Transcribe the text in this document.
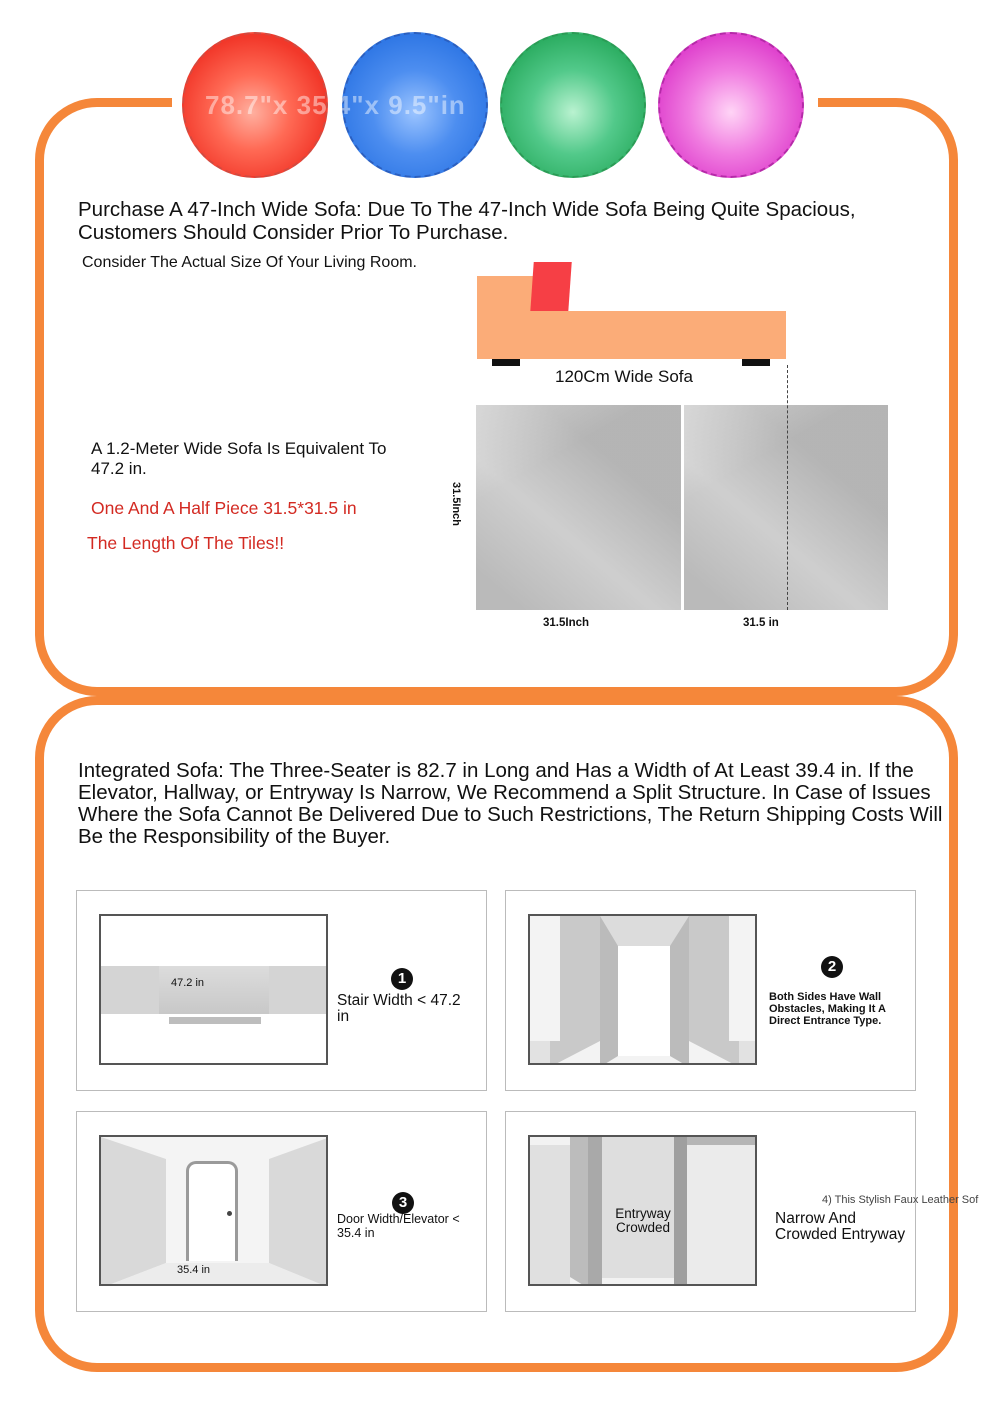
78.7"x 35.4"x 9.5"in
Purchase A 47-Inch Wide Sofa: Due To The 47-Inch Wide Sofa Being Quite Spacious, Customers Should Consider Prior To Purchase.
Consider The Actual Size Of Your Living Room.
120Cm Wide Sofa
31.5Inch
31.5Inch	31.5 in
A 1.2-Meter Wide Sofa Is Equivalent To 47.2 in.
One And A Half Piece 31.5*31.5 in
The Length Of The Tiles!!
Integrated Sofa: The Three-Seater is 82.7 in Long and Has a Width of At Least 39.4 in. If the Elevator, Hallway, or Entryway Is Narrow, We Recommend a Split Structure. In Case of Issues Where the Sofa Cannot Be Delivered Due to Such Restrictions, The Return Shipping Costs Will Be the Responsibility of the Buyer.
47.2 in	1
Stair Width < 47.2 in
2
Both Sides Have Wall Obstacles, Making It A Direct Entrance Type.
35.4 in
3
Door Width/Elevator < 35.4 in
Entryway Crowded
Narrow And Crowded Entryway
4) This Stylish Faux Leather Sof
